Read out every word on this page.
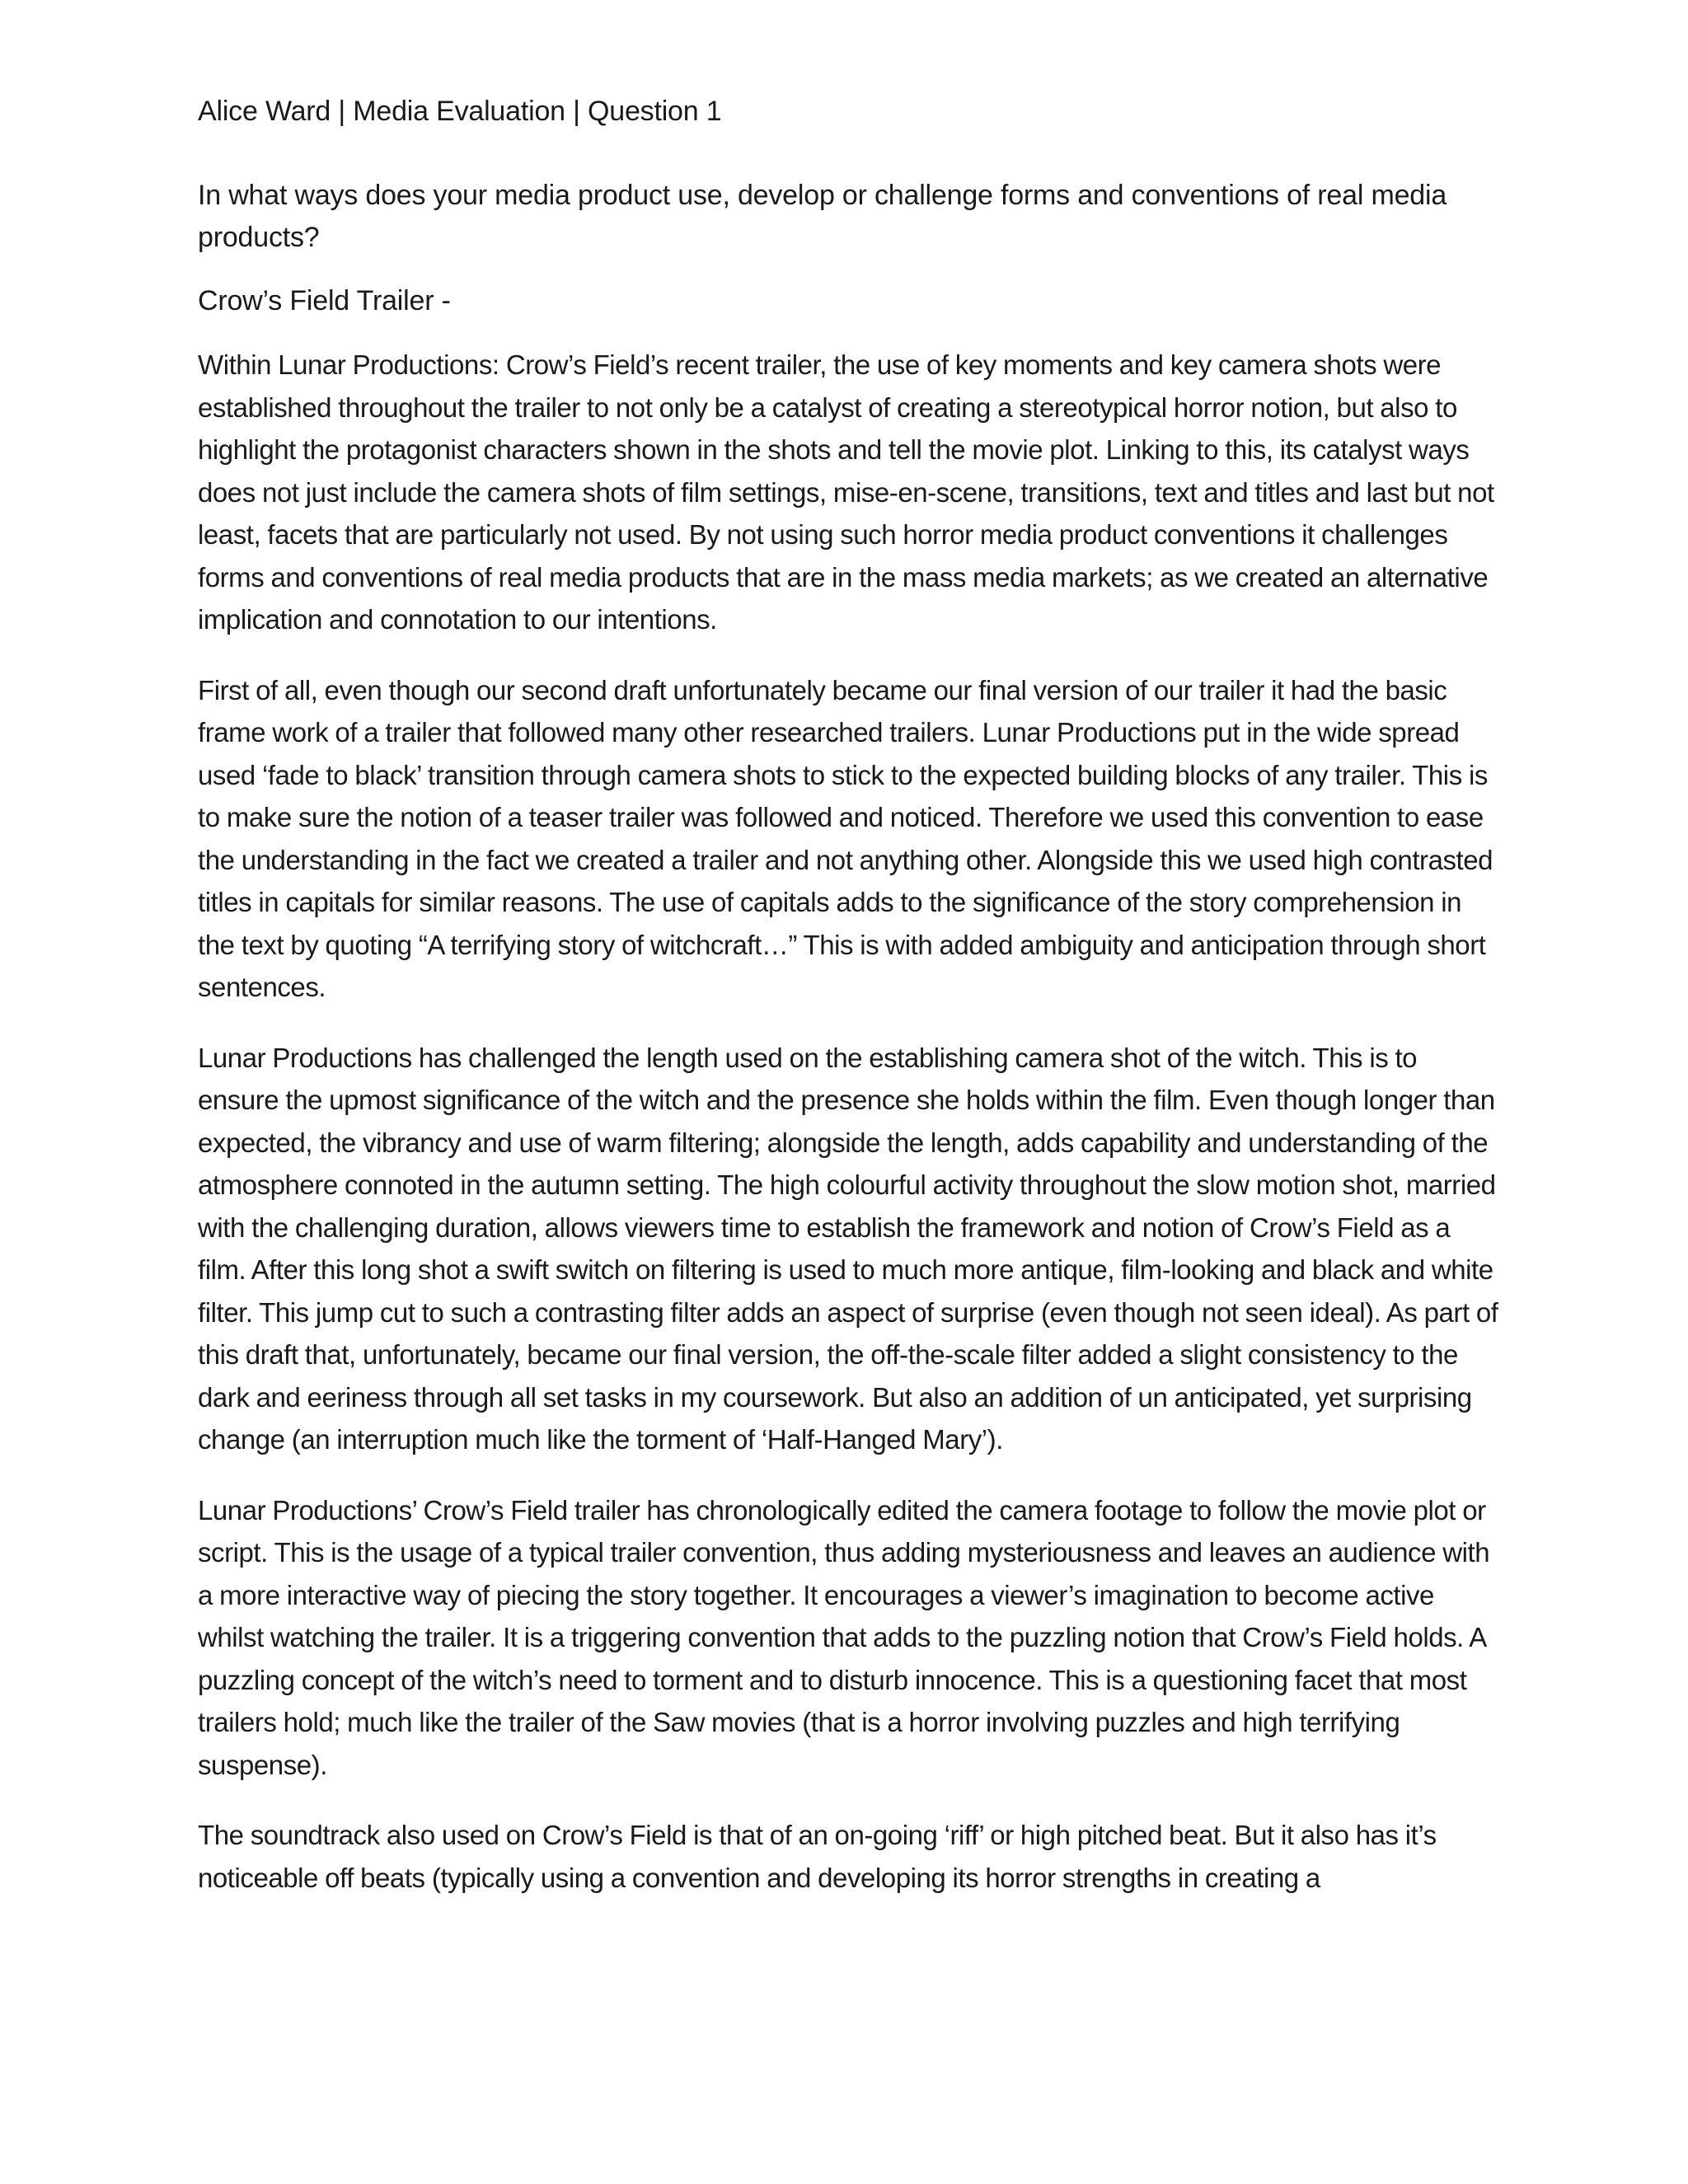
Alice Ward | Media Evaluation | Question 1
In what ways does your media product use, develop or challenge forms and conventions of real media products?
Crow’s Field Trailer -
Within Lunar Productions: Crow’s Field’s recent trailer, the use of key moments and key camera shots were established throughout the trailer to not only be a catalyst of creating a stereotypical horror notion, but also to highlight the protagonist characters shown in the shots and tell the movie plot. Linking to this, its catalyst ways does not just include the camera shots of film settings, mise-en-scene, transitions, text and titles and last but not least, facets that are particularly not used. By not using such horror media product conventions it challenges forms and conventions of real media products that are in the mass media markets; as we created an alternative implication and connotation to our intentions.
First of all, even though our second draft unfortunately became our final version of our trailer it had the basic frame work of a trailer that followed many other researched trailers. Lunar Productions put in the wide spread used ‘fade to black’ transition through camera shots to stick to the expected building blocks of any trailer. This is to make sure the notion of a teaser trailer was followed and noticed. Therefore we used this convention to ease the understanding in the fact we created a trailer and not anything other. Alongside this we used high contrasted titles in capitals for similar reasons. The use of capitals adds to the significance of the story comprehension in the text by quoting “A terrifying story of witchcraft…” This is with added ambiguity and anticipation through short sentences.
Lunar Productions has challenged the length used on the establishing camera shot of the witch. This is to ensure the upmost significance of the witch and the presence she holds within the film. Even though longer than expected, the vibrancy and use of warm filtering; alongside the length, adds capability and understanding of the atmosphere connoted in the autumn setting. The high colourful activity throughout the slow motion shot, married with the challenging duration, allows viewers time to establish the framework and notion of Crow’s Field as a film. After this long shot a swift switch on filtering is used to much more antique, film-looking and black and white filter. This jump cut to such a contrasting filter adds an aspect of surprise (even though not seen ideal). As part of this draft that, unfortunately, became our final version, the off-the-scale filter added a slight consistency to the dark and eeriness through all set tasks in my coursework. But also an addition of un anticipated, yet surprising change (an interruption much like the torment of ‘Half-Hanged Mary’).
Lunar Productions’ Crow’s Field trailer has chronologically edited the camera footage to follow the movie plot or script. This is the usage of a typical trailer convention, thus adding mysteriousness and leaves an audience with a more interactive way of piecing the story together. It encourages a viewer’s imagination to become active whilst watching the trailer. It is a triggering convention that adds to the puzzling notion that Crow’s Field holds. A puzzling concept of the witch’s need to torment and to disturb innocence. This is a questioning facet that most trailers hold; much like the trailer of the Saw movies (that is a horror involving puzzles and high terrifying suspense).
The soundtrack also used on Crow’s Field is that of an on-going ‘riff’ or high pitched beat. But it also has it’s noticeable off beats (typically using a convention and developing its horror strengths in creating a
